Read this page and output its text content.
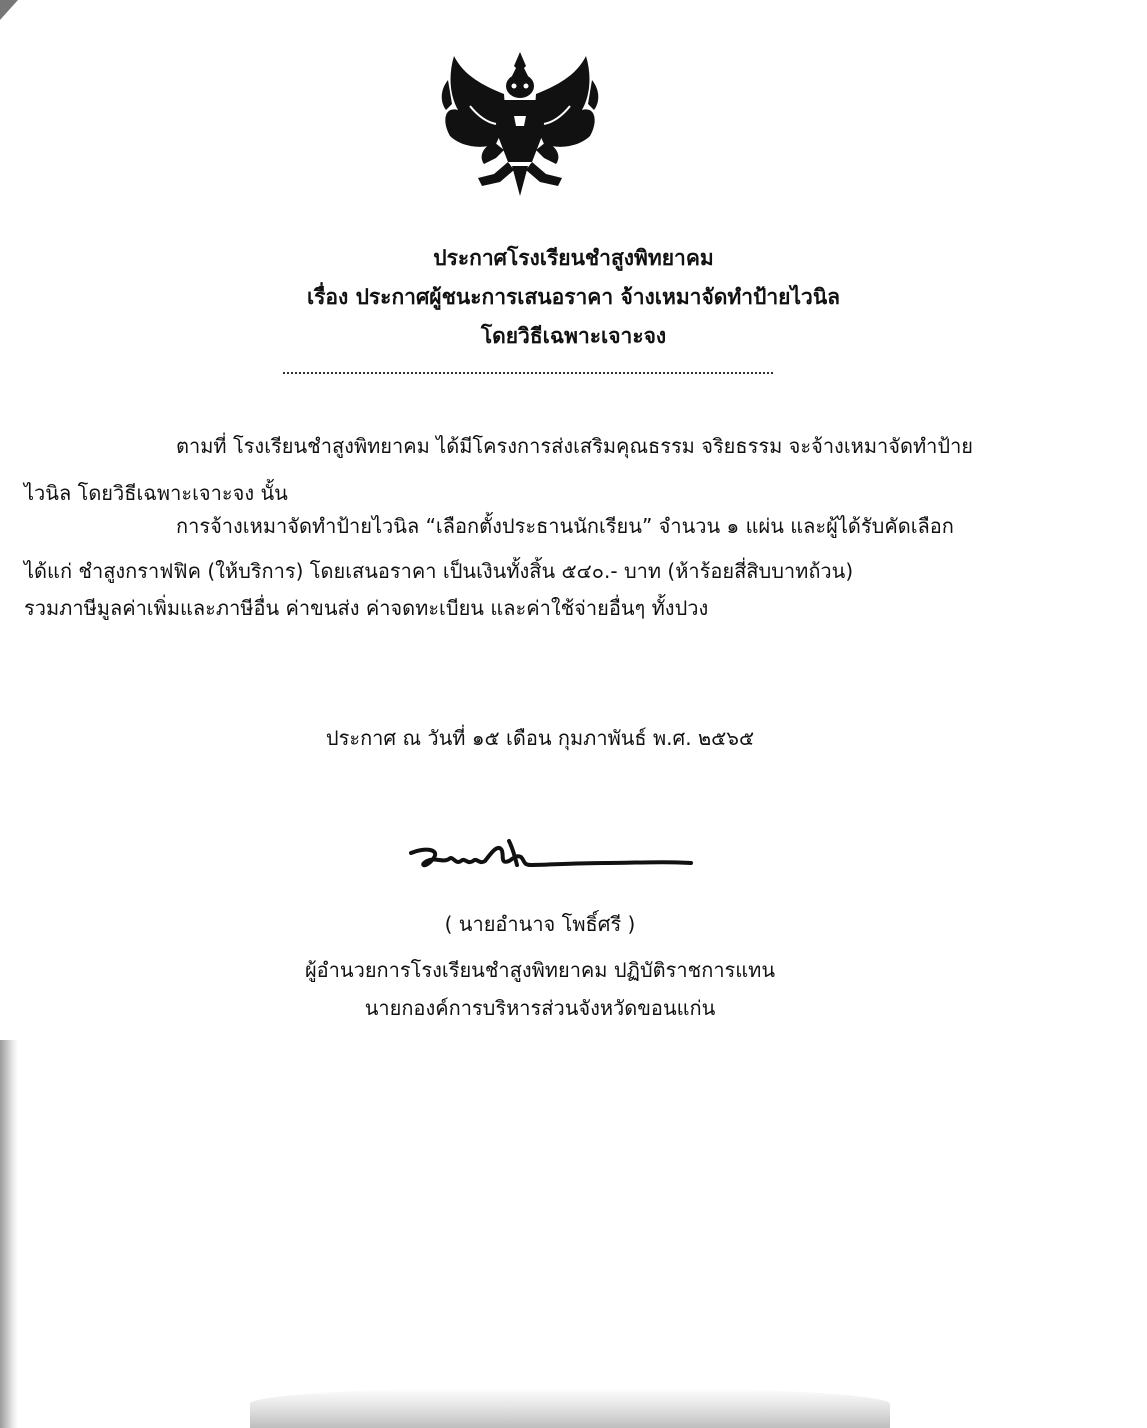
ประกาศโรงเรียนชำสูงพิทยาคม
เรื่อง ประกาศผู้ชนะการเสนอราคา จ้างเหมาจัดทำป้ายไวนิล
โดยวิธีเฉพาะเจาะจง
ตามที่ โรงเรียนชำสูงพิทยาคม ได้มีโครงการส่งเสริมคุณธรรม จริยธรรม จะจ้างเหมาจัดทำป้าย
ไวนิล โดยวิธีเฉพาะเจาะจง นั้น
การจ้างเหมาจัดทำป้ายไวนิล “เลือกตั้งประธานนักเรียน” จำนวน ๑ แผ่น และผู้ได้รับคัดเลือก
ได้แก่ ชำสูงกราฟฟิค (ให้บริการ) โดยเสนอราคา เป็นเงินทั้งสิ้น ๕๔๐.- บาท (ห้าร้อยสี่สิบบาทถ้วน)
รวมภาษีมูลค่าเพิ่มและภาษีอื่น ค่าขนส่ง ค่าจดทะเบียน และค่าใช้จ่ายอื่นๆ ทั้งปวง
ประกาศ ณ วันที่ ๑๕ เดือน กุมภาพันธ์ พ.ศ. ๒๕๖๕
( นายอำนาจ โพธิ์ศรี )
ผู้อำนวยการโรงเรียนชำสูงพิทยาคม ปฏิบัติราชการแทน
นายกองค์การบริหารส่วนจังหวัดขอนแก่น
